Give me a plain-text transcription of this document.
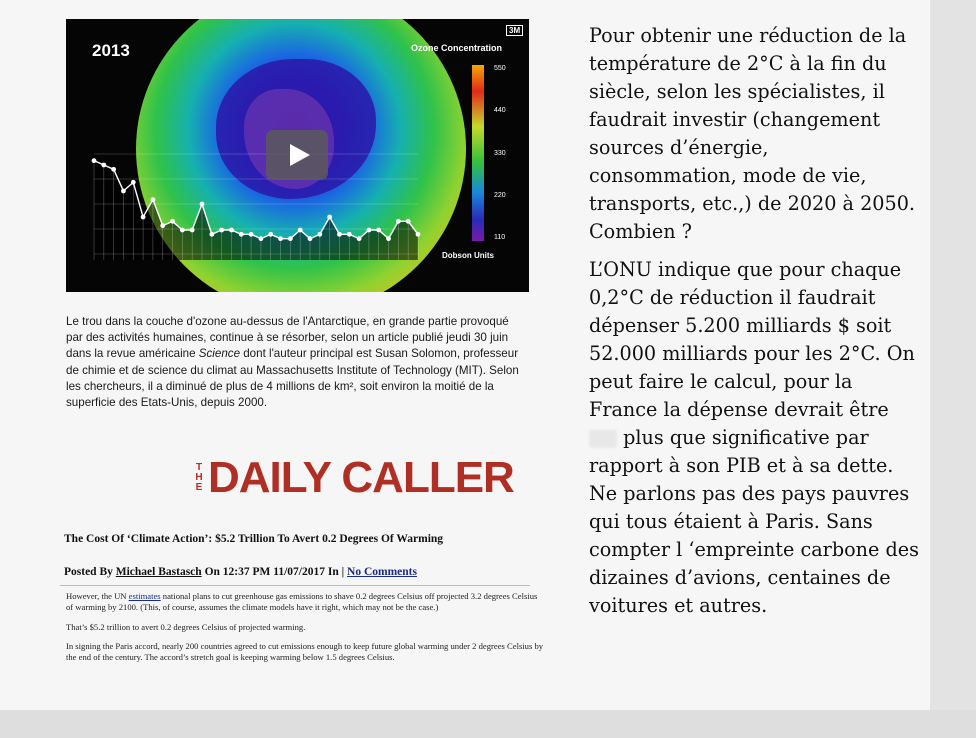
2013	Ozone Concentration
3M
550
440
330
220
110
Dobson Units
Le trou dans la couche d'ozone au-dessus de l'Antarctique, en grande partie provoqué par des activités humaines, continue à se résorber, selon un article publié jeudi 30 juin dans la revue américaine Science dont l'auteur principal est Susan Solomon, professeur de chimie et de science du climat au Massachusetts Institute of Technology (MIT). Selon les chercheurs, il a diminué de plus de 4 millions de km², soit environ la moitié de la superficie des Etats-Unis, depuis 2000.
THE DAILY CALLER
The Cost Of ‘Climate Action’: $5.2 Trillion To Avert 0.2 Degrees Of Warming
Posted By Michael Bastasch On 12:37 PM 11/07/2017 In | No Comments

However, the UN estimates national plans to cut greenhouse gas emissions to shave 0.2 degrees Celsius off projected 3.2 degrees Celsius of warming by 2100. (This, of course, assumes the climate models have it right, which may not be the case.)

That’s $5.2 trillion to avert 0.2 degrees Celsius of projected warming.

In signing the Paris accord, nearly 200 countries agreed to cut emissions enough to keep future global warming under 2 degrees Celsius by the end of the century. The accord’s stretch goal is keeping warming below 1.5 degrees Celsius.

Pour obtenir une réduction de la température de 2°C à la fin du siècle, selon les spécialistes, il faudrait investir (changement sources d’énergie, consommation, mode de vie, transports, etc.,) de 2020 à 2050. Combien ?

L’ONU indique que pour chaque 0,2°C de réduction il faudrait dépenser 5.200 milliards $ soit 52.000 milliards pour les 2°C. On peut faire le calcul, pour la France la dépense devrait être  plus que significative par rapport à son PIB et à sa dette. Ne parlons pas des pays pauvres qui tous étaient à Paris. Sans compter l ‘empreinte carbone des dizaines d’avions, centaines de voitures et autres.
